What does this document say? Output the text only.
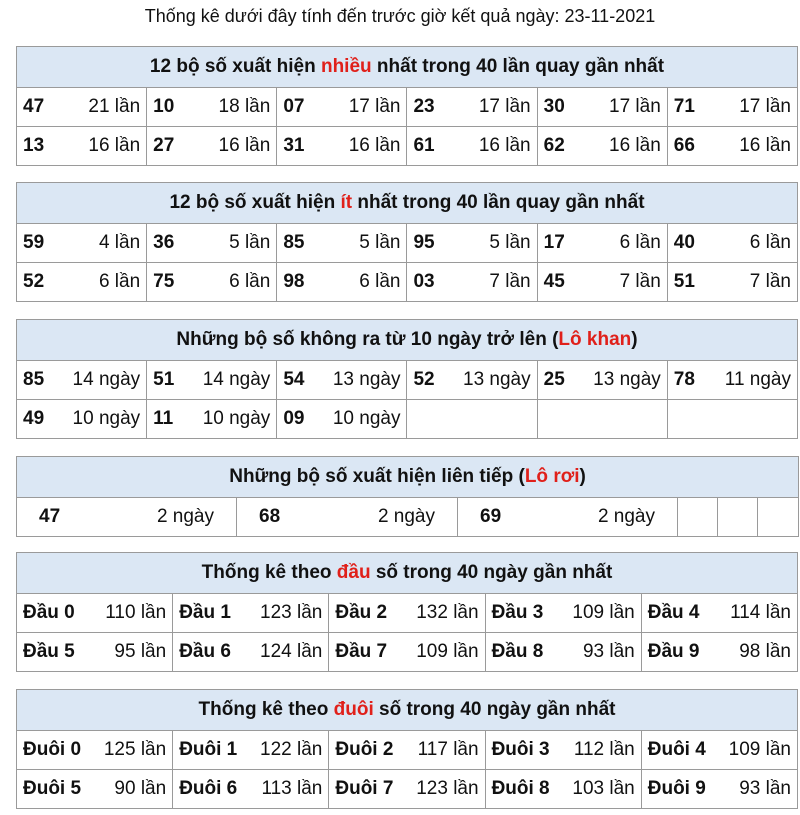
Thống kê dưới đây tính đến trước giờ kết quả ngày: 23-11-2021
12 bộ số xuất hiện nhiều nhất trong 40 lần quay gần nhất					

47 21 lần	10 18 lần	07 17 lần	23 17 lần	30 17 lần	71 17 lần

13 16 lần	27 16 lần	31 16 lần	61 16 lần	62 16 lần	66 16 lần
12 bộ số xuất hiện ít nhất trong 40 lần quay gần nhất					

59 4 lần	36 5 lần	85 5 lần	95 5 lần	17 6 lần	40 6 lần

52 6 lần	75 6 lần	98 6 lần	03 7 lần	45 7 lần	51 7 lần
Những bộ số không ra từ 10 ngày trở lên (Lô khan)					

85 14 ngày	51 14 ngày	54 13 ngày	52 13 ngày	25 13 ngày	78 11 ngày

49 10 ngày	11 10 ngày	09 10 ngày			

Những bộ số xuất hiện liên tiếp (Lô rơi)

47	2 ngày	68	2 ngày	69	2 ngày

Thống kê theo đầu số trong 40 ngày gần nhất				

Đầu 0 110 lần	Đầu 1 123 lần	Đầu 2 132 lần	Đầu 3 109 lần	Đầu 4 114 lần

Đầu 5 95 lần	Đầu 6 124 lần	Đầu 7 109 lần	Đầu 8 93 lần	Đầu 9 98 lần
Thống kê theo đuôi số trong 40 ngày gần nhất				

Đuôi 0 125 lần	Đuôi 1 122 lần	Đuôi 2 117 lần	Đuôi 3 112 lần	Đuôi 4 109 lần

Đuôi 5 90 lần	Đuôi 6 113 lần	Đuôi 7 123 lần	Đuôi 8 103 lần	Đuôi 9 93 lần
